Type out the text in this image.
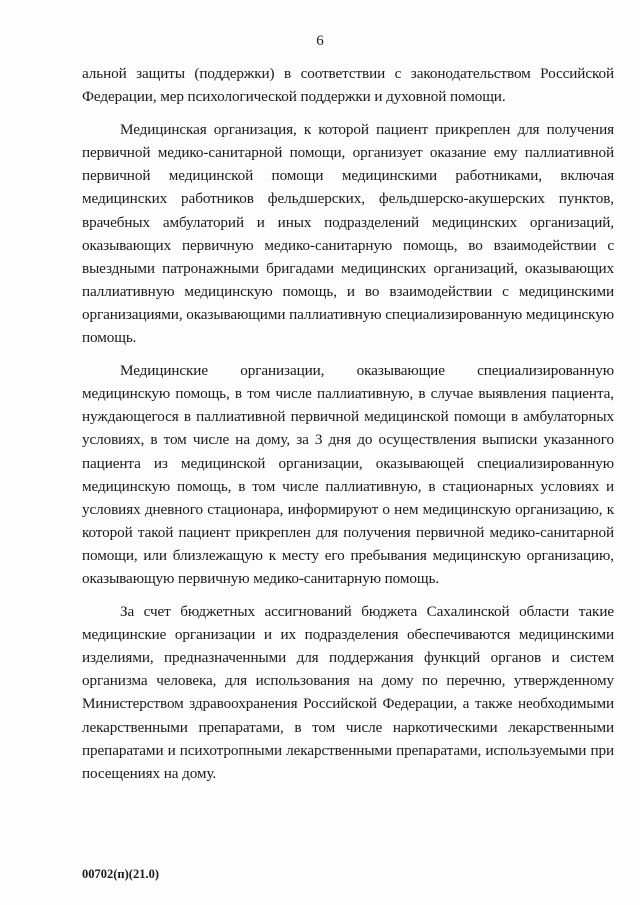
6

альной защиты (поддержки) в соответствии с законодательством Российской Федерации, мер психологической поддержки и духовной помощи.

Медицинская организация, к которой пациент прикреплен для получения первичной медико-санитарной помощи, организует оказание ему паллиативной первичной медицинской помощи медицинскими работниками, включая медицинских работников фельдшерских, фельдшерско-акушерских пунктов, врачебных амбулаторий и иных подразделений медицинских организаций, оказывающих первичную медико-санитарную помощь, во взаимодействии с выездными патронажными бригадами медицинских организаций, оказывающих паллиативную медицинскую помощь, и во взаимодействии с медицинскими организациями, оказывающими паллиативную специализированную медицинскую помощь.

Медицинские организации, оказывающие специализированную медицинскую помощь, в том числе паллиативную, в случае выявления пациента, нуждающегося в паллиативной первичной медицинской помощи в амбулаторных условиях, в том числе на дому, за 3 дня до осуществления выписки указанного пациента из медицинской организации, оказывающей специализированную медицинскую помощь, в том числе паллиативную, в стационарных условиях и условиях дневного стационара, информируют о нем медицинскую организацию, к которой такой пациент прикреплен для получения первичной медико-санитарной помощи, или близлежащую к месту его пребывания медицинскую организацию, оказывающую первичную медико-санитарную помощь.

За счет бюджетных ассигнований бюджета Сахалинской области такие медицинские организации и их подразделения обеспечиваются медицинскими изделиями, предназначенными для поддержания функций органов и систем организма человека, для использования на дому по перечню, утвержденному Министерством здравоохранения Российской Федерации, а также необходимыми лекарственными препаратами, в том числе наркотическими лекарственными препаратами и психотропными лекарственными препаратами, используемыми при посещениях на дому.

00702(п)(21.0)
